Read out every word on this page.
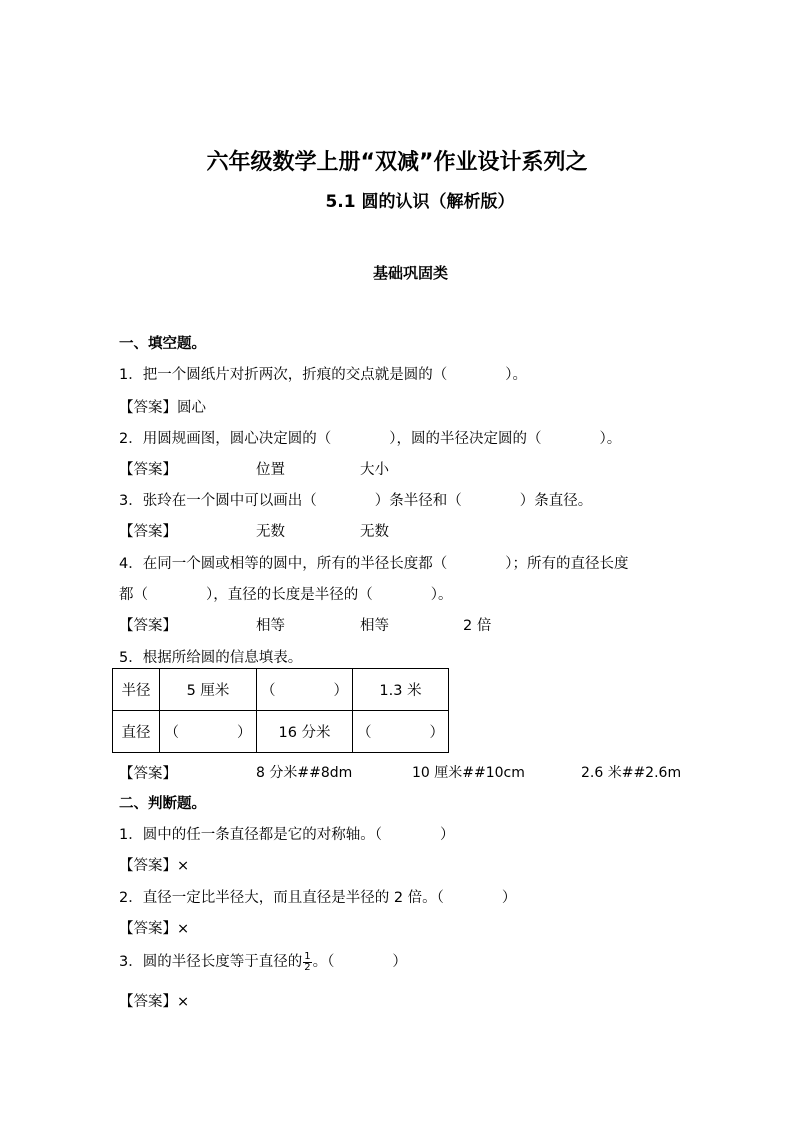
六年级数学上册“双减”作业设计系列之
5.1 圆的认识（解析版）
基础巩固类
一、填空题。
1．把一个圆纸片对折两次，折痕的交点就是圆的（　　　　）。
【答案】圆心
2．用圆规画图，圆心决定圆的（　　　　），圆的半径决定圆的（　　　　）。
【答案】	位置	大小
3．张玲在一个圆中可以画出（　　　　）条半径和（　　　　）条直径。
【答案】	无数	无数
4．在同一个圆或相等的圆中，所有的半径长度都（　　　　）；所有的直径长度
都（　　　　），直径的长度是半径的（　　　　）。
【答案】	相等	相等	2 倍
5．根据所给圆的信息填表。
半径	5 厘米	（　　　　）	1.3 米
直径	（　　　　）	16 分米	（　　　　）
【答案】	8 分米##8dm	10 厘米##10cm	2.6 米##2.6m
二、判断题。
1．圆中的任一条直径都是它的对称轴。（　　　　）
【答案】×
2．直径一定比半径大，而且直径是半径的 2 倍。（　　　　）
【答案】×
3．圆的半径长度等于直径的 $\frac{1}{2}$ 。（　　　　）
【答案】×
